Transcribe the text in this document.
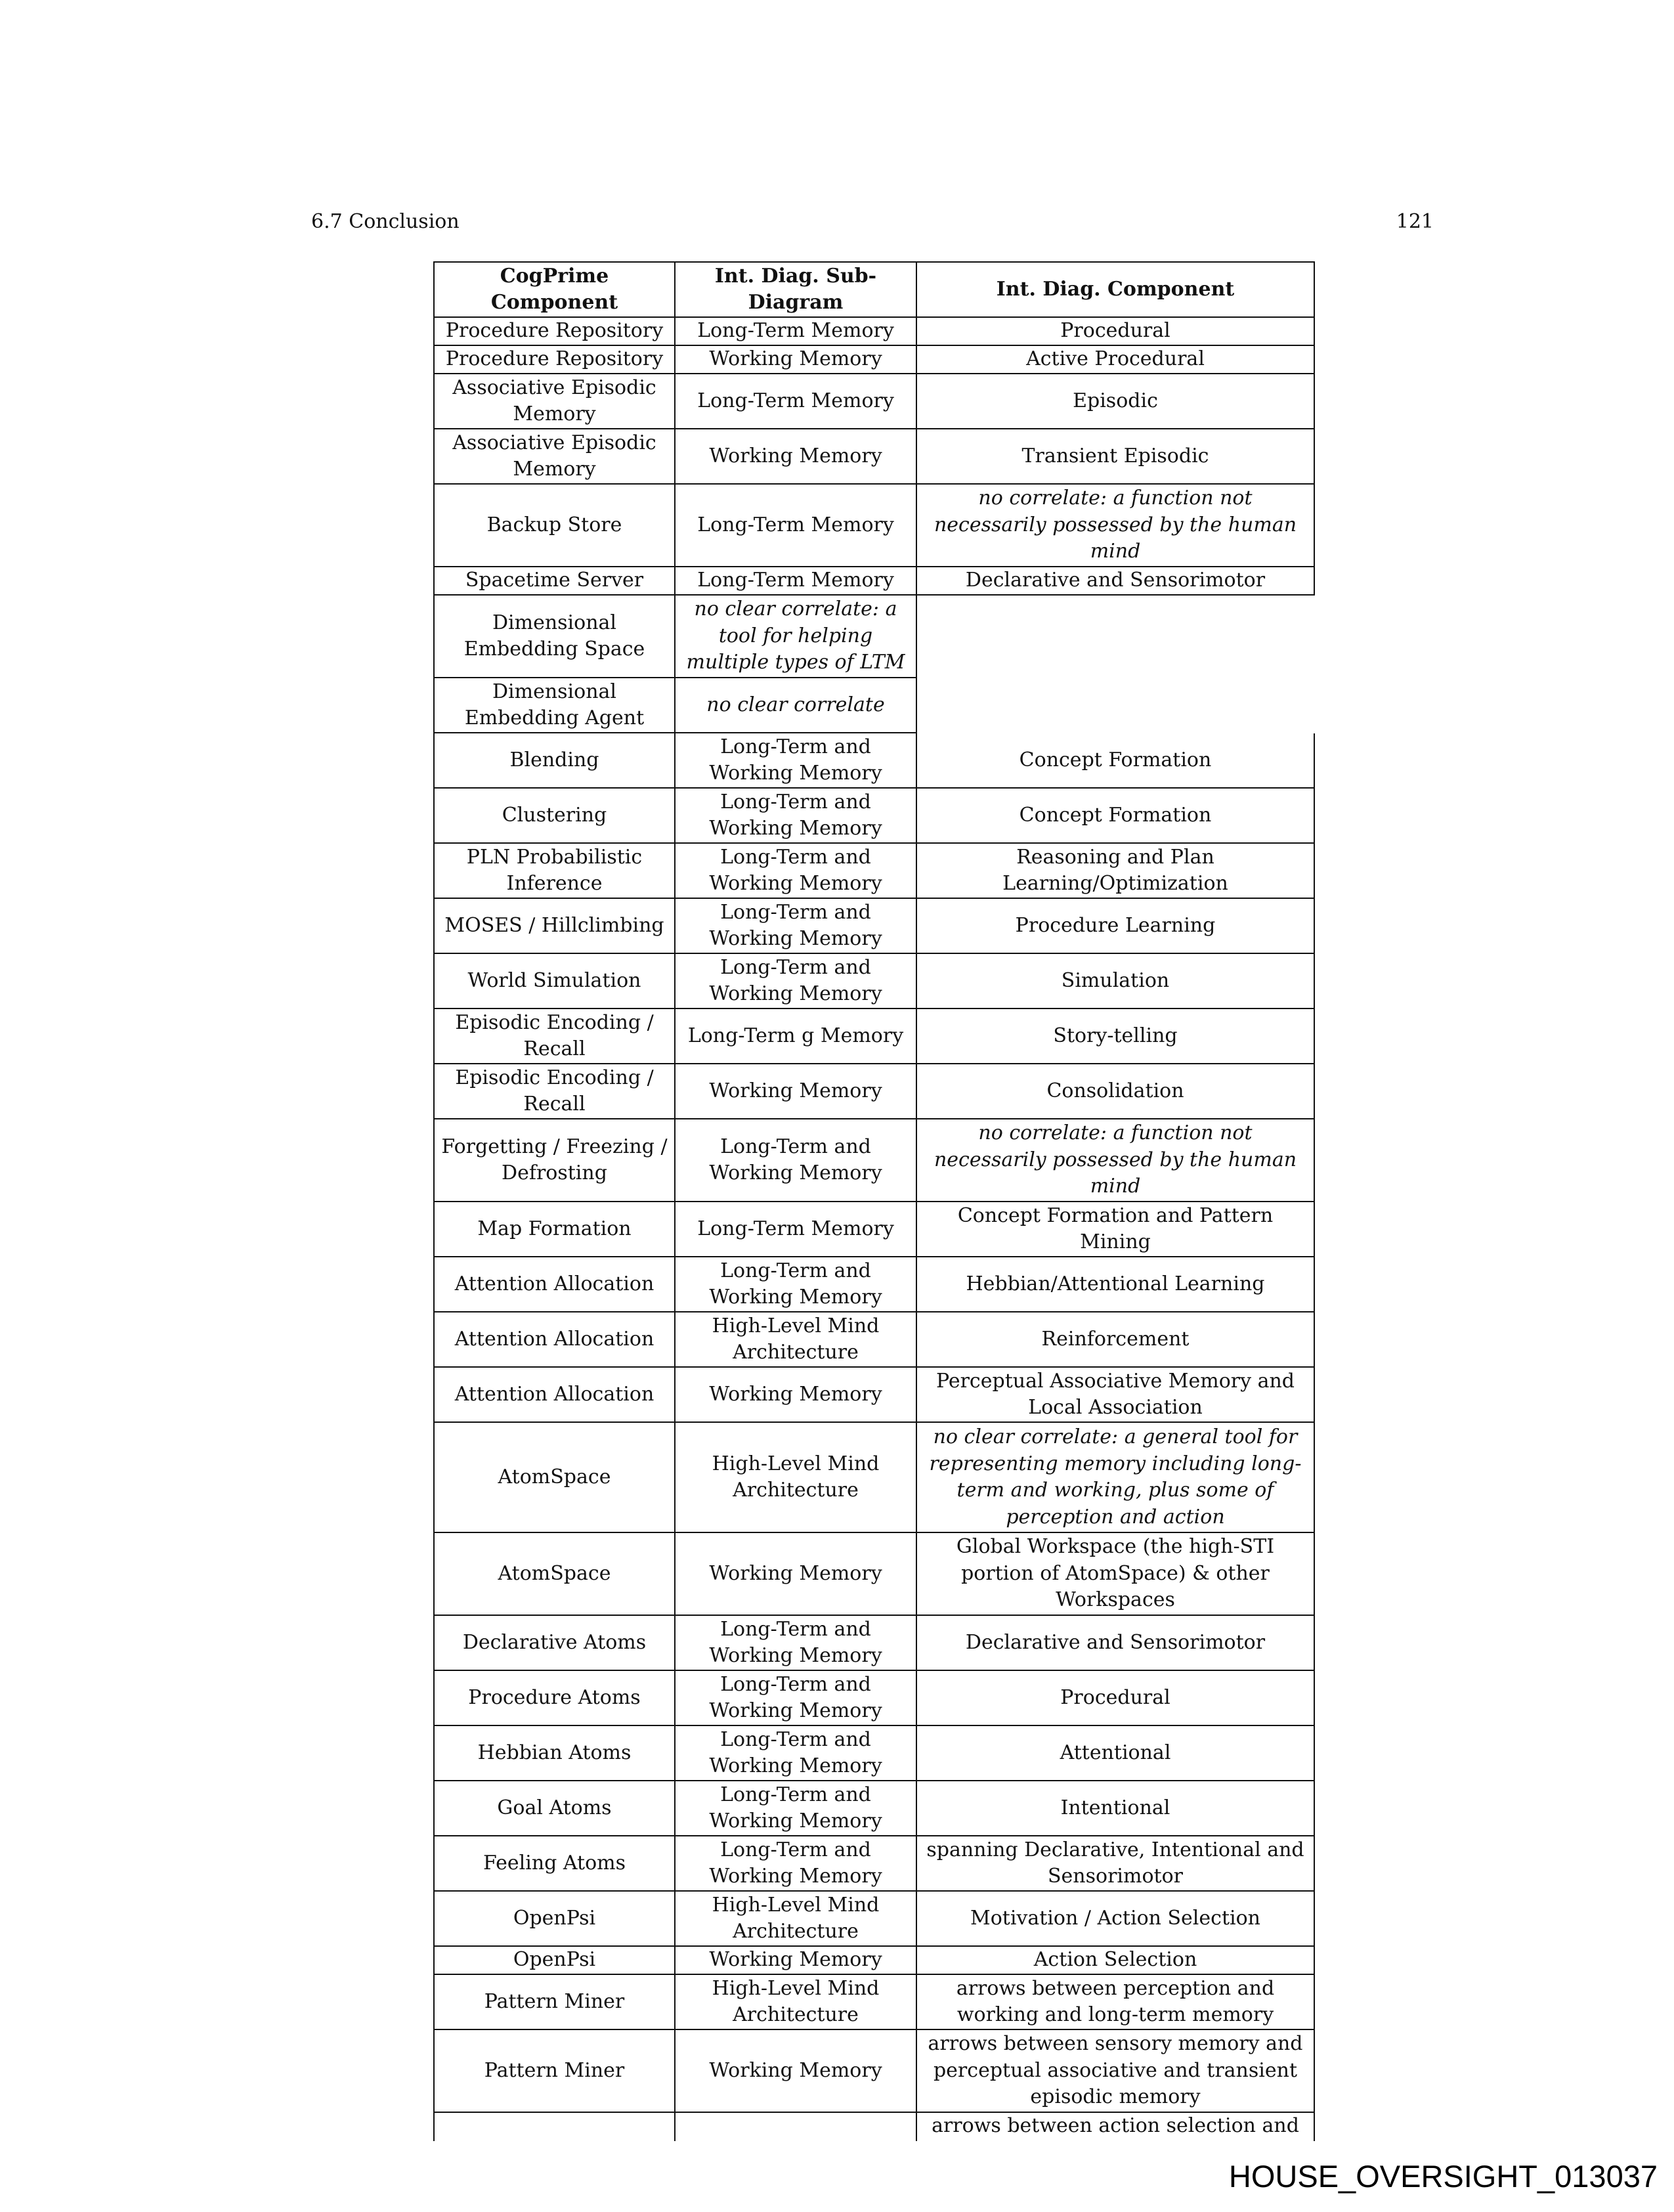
6.7 Conclusion	121
CogPrime Component	Int. Diag. Sub-Diagram	Int. Diag. Component
Procedure Repository	Long-Term Memory	Procedural
Procedure Repository	Working Memory	Active Procedural
Associative Episodic Memory	Long-Term Memory	Episodic
Associative Episodic Memory	Working Memory	Transient Episodic
Backup Store	Long-Term Memory	no correlate: a function not necessarily possessed by the human mind
Spacetime Server	Long-Term Memory	Declarative and Sensorimotor
Dimensional Embedding Space	no clear correlate: a tool for helping multiple types of LTM	
Dimensional Embedding Agent	no clear correlate	
Blending	Long-Term and Working Memory	Concept Formation
Clustering	Long-Term and Working Memory	Concept Formation
PLN Probabilistic Inference	Long-Term and Working Memory	Reasoning and Plan Learning/Optimization
MOSES / Hillclimbing	Long-Term and Working Memory	Procedure Learning
World Simulation	Long-Term and Working Memory	Simulation
Episodic Encoding / Recall	Long-Term g Memory	Story-telling
Episodic Encoding / Recall	Working Memory	Consolidation
Forgetting / Freezing / Defrosting	Long-Term and Working Memory	no correlate: a function not necessarily possessed by the human mind
Map Formation	Long-Term Memory	Concept Formation and Pattern Mining
Attention Allocation	Long-Term and Working Memory	Hebbian/Attentional Learning
Attention Allocation	High-Level Mind Architecture	Reinforcement
Attention Allocation	Working Memory	Perceptual Associative Memory and Local Association
AtomSpace	High-Level Mind Architecture	no clear correlate: a general tool for representing memory including long-term and working, plus some of perception and action
AtomSpace	Working Memory	Global Workspace (the high-STI portion of AtomSpace) & other Workspaces
Declarative Atoms	Long-Term and Working Memory	Declarative and Sensorimotor
Procedure Atoms	Long-Term and Working Memory	Procedural
Hebbian Atoms	Long-Term and Working Memory	Attentional
Goal Atoms	Long-Term and Working Memory	Intentional
Feeling Atoms	Long-Term and Working Memory	spanning Declarative, Intentional and Sensorimotor
OpenPsi	High-Level Mind Architecture	Motivation / Action Selection
OpenPsi	Working Memory	Action Selection
Pattern Miner	High-Level Mind Architecture	arrows between perception and working and long-term memory
Pattern Miner	Working Memory	arrows between sensory memory and perceptual associative and transient episodic memory
		arrows between action selection and
HOUSE_OVERSIGHT_013037
